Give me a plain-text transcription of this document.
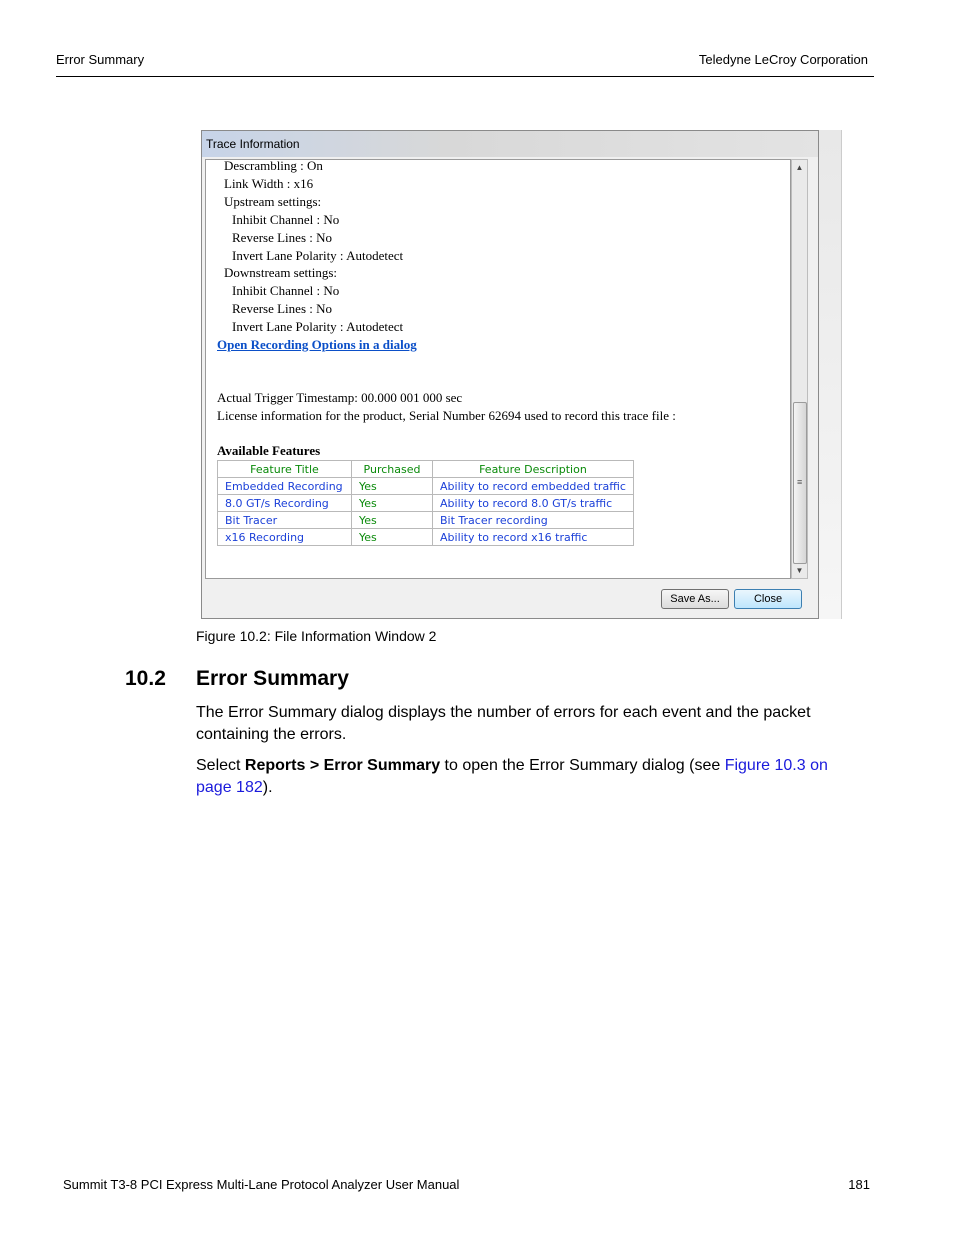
Error Summary	Teledyne LeCroy Corporation
Trace Information
Descrambling : On
Link Width : x16
Upstream settings:
Inhibit Channel : No
Reverse Lines : No
Invert Lane Polarity : Autodetect
Downstream settings:
Inhibit Channel : No
Reverse Lines : No
Invert Lane Polarity : Autodetect
Open Recording Options in a dialog
Actual Trigger Timestamp: 00.000 001 000 sec
License information for the product, Serial Number 62694 used to record this trace file :
Available Features
Feature Title	Purchased	Feature Description
Embedded Recording	Yes	Ability to record embedded traffic
8.0 GT/s Recording	Yes	Ability to record 8.0 GT/s traffic
Bit Tracer	Yes	Bit Tracer recording
x16 Recording	Yes	Ability to record x16 traffic
▲
≡
▼
Save As...	Close
Figure 10.2: File Information Window 2
10.2 Error Summary
The Error Summary dialog displays the number of errors for each event and the packet containing the errors.
Select Reports > Error Summary to open the Error Summary dialog (see Figure 10.3 on page 182).
Summit T3-8 PCI Express Multi-Lane Protocol Analyzer User Manual	181
